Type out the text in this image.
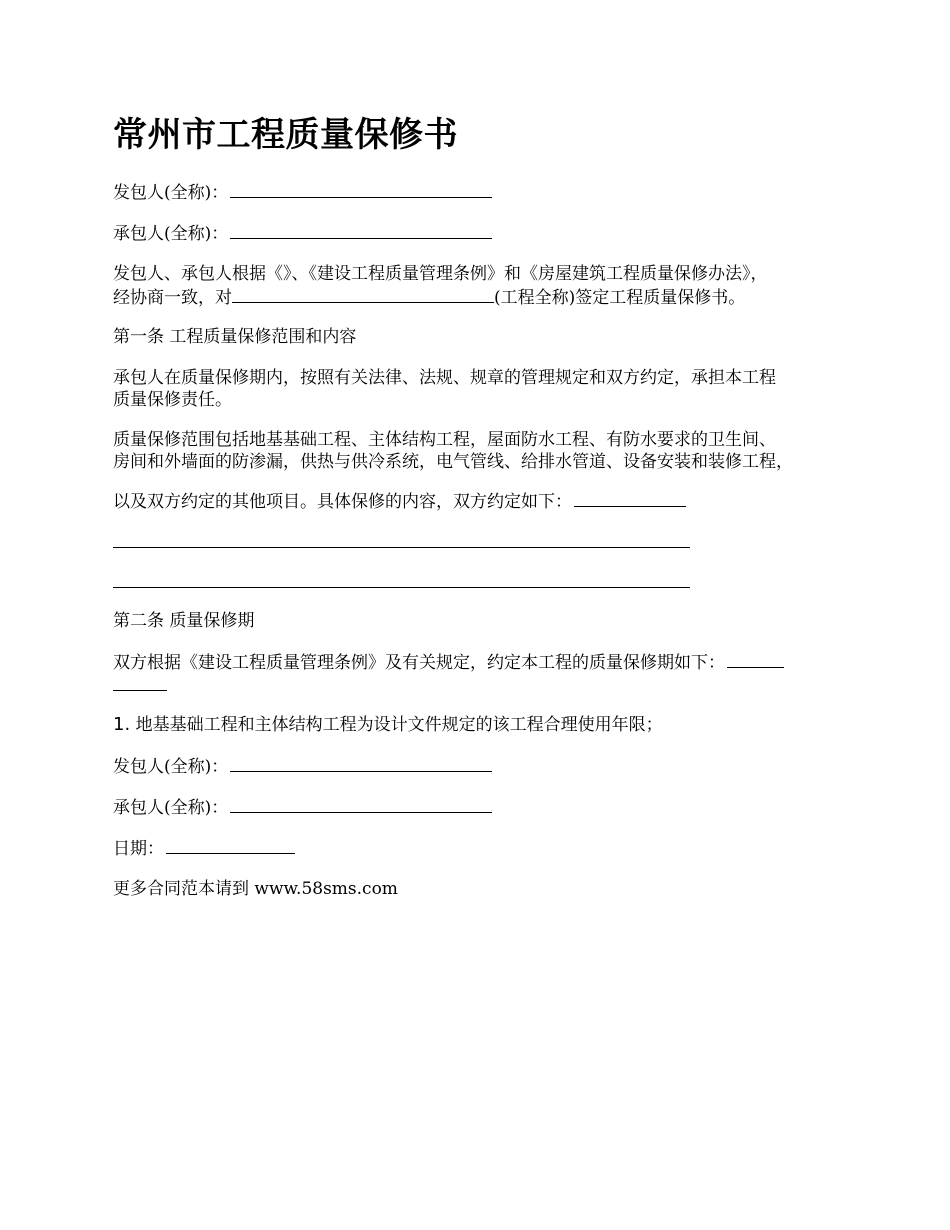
常州市工程质量保修书
发包人(全称)：
承包人(全称)：
发包人、承包人根据《》、《建设工程质量管理条例》和《房屋建筑工程质量保修办法》，
经协商一致，对	(工程全称)签定工程质量保修书。
第一条 工程质量保修范围和内容
承包人在质量保修期内，按照有关法律、法规、规章的管理规定和双方约定，承担本工程
质量保修责任。
质量保修范围包括地基基础工程、主体结构工程，屋面防水工程、有防水要求的卫生间、
房间和外墙面的防渗漏，供热与供冷系统，电气管线、给排水管道、设备安装和装修工程，
以及双方约定的其他项目。具体保修的内容，双方约定如下：
第二条 质量保修期
双方根据《建设工程质量管理条例》及有关规定，约定本工程的质量保修期如下：
1. 地基基础工程和主体结构工程为设计文件规定的该工程合理使用年限；
发包人(全称)：
承包人(全称)：
日期：
更多合同范本请到 www.58sms.com
